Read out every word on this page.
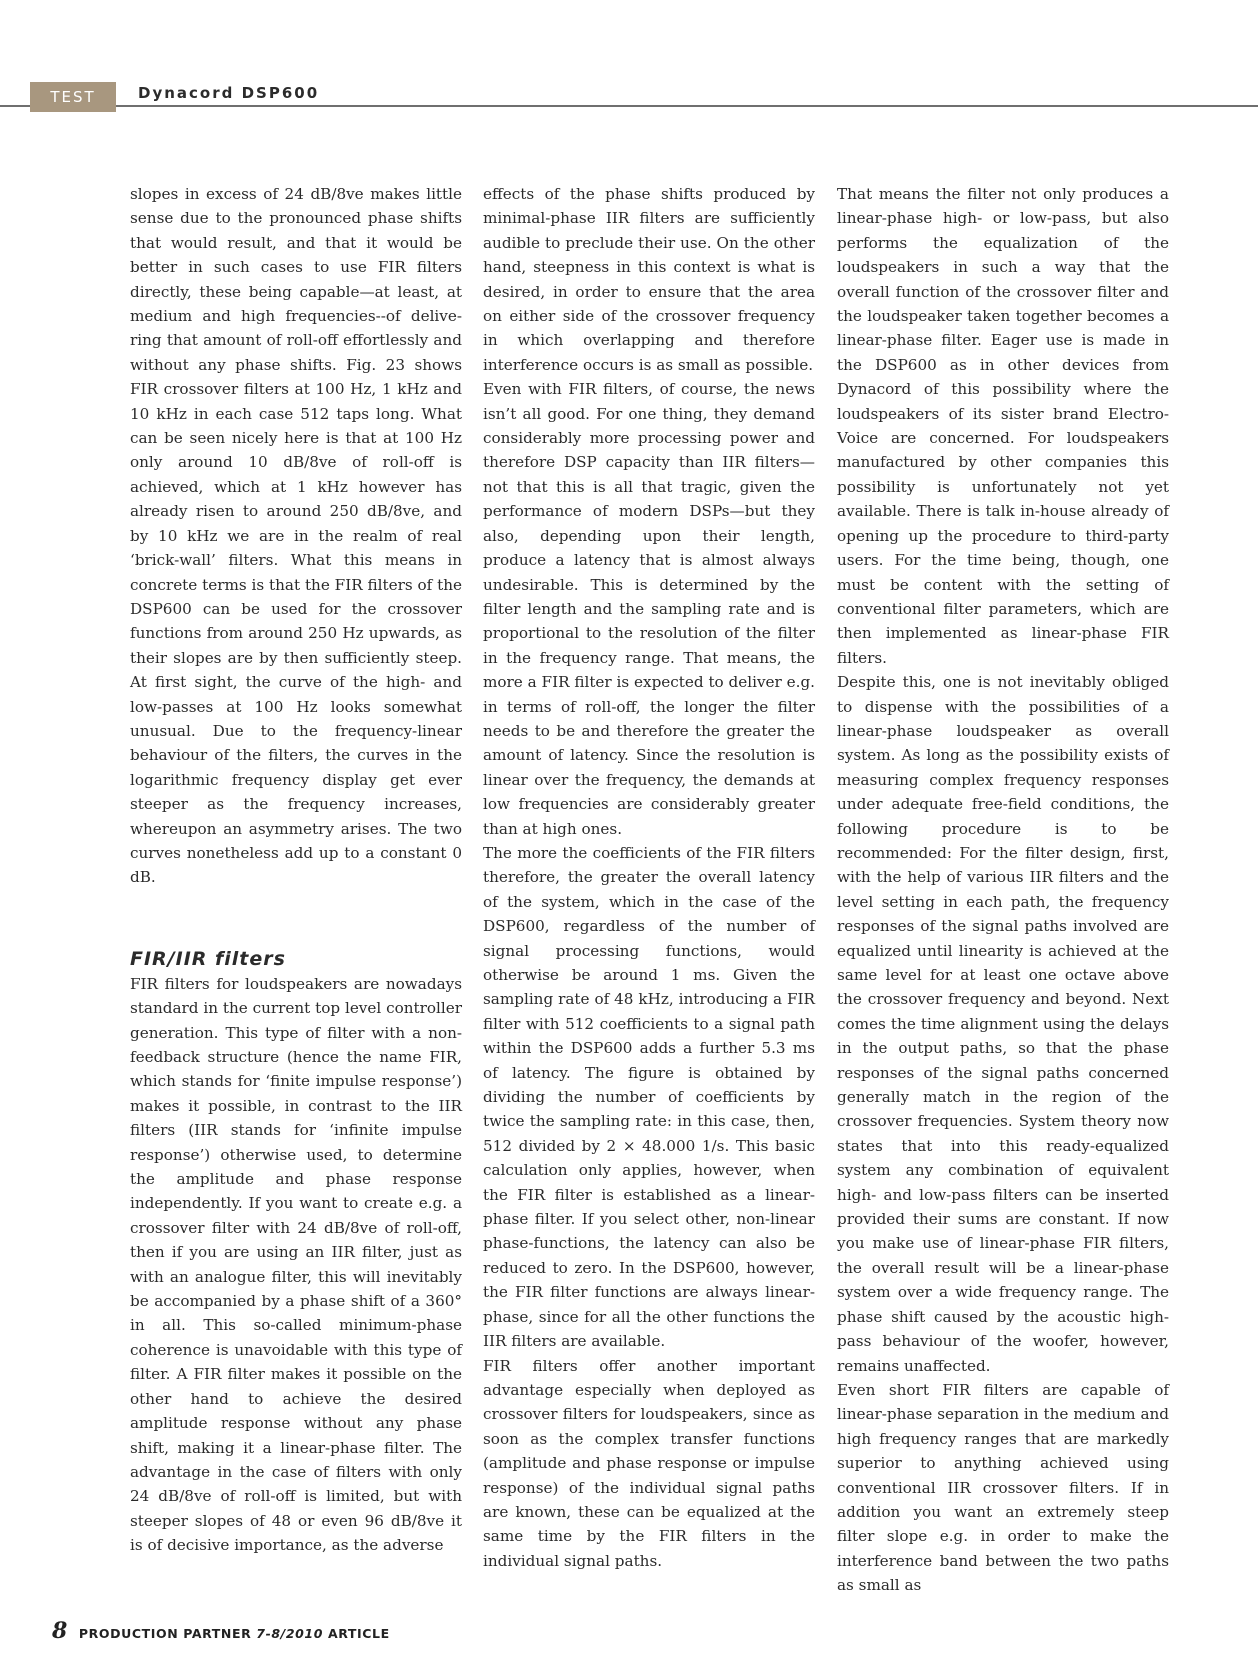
TEST	Dynacord DSP600

slopes in excess of 24 dB/8ve makes little sense due to the pronounced phase shifts that would result, and that it would be better in such cases to use FIR filters directly, these being capable—at least, at medium and high frequencies--of delivering that amount of roll-off effortlessly and without any phase shifts. Fig. 23 shows FIR crossover filters at 100 Hz, 1 kHz and 10 kHz in each case 512 taps long. What can be seen nicely here is that at 100 Hz only around 10 dB/8ve of roll-off is achieved, which at 1 kHz however has already risen to around 250 dB/8ve, and by 10 kHz we are in the realm of real ‘brick-wall’ filters. What this means in concrete terms is that the FIR filters of the DSP600 can be used for the crossover functions from around 250 Hz upwards, as their slopes are by then sufficiently steep. At first sight, the curve of the high- and low-passes at 100 Hz looks somewhat unusual. Due to the frequency-linear behaviour of the filters, the curves in the logarithmic frequency display get ever steeper as the frequency increases, whereupon an asymmetry arises. The two curves nonetheless add up to a constant 0 dB.

FIR/IIR filters

FIR filters for loudspeakers are nowadays standard in the current top level controller generation. This type of filter with a non-feedback structure (hence the name FIR, which stands for ‘finite impulse response’) makes it possible, in contrast to the IIR filters (IIR stands for ‘infinite impulse response’) otherwise used, to determine the amplitude and phase response independently. If you want to create e.g. a crossover filter with 24 dB/8ve of roll-off, then if you are using an IIR filter, just as with an analogue filter, this will inevitably be accompanied by a phase shift of a 360° in all. This so-called minimum-phase coherence is unavoidable with this type of filter. A FIR filter makes it possible on the other hand to achieve the desired amplitude response without any phase shift, making it a linear-phase filter. The advantage in the case of filters with only 24 dB/8ve of roll-off is limited, but with steeper slopes of 48 or even 96 dB/8ve it is of decisive importance, as the adverse

effects of the phase shifts produced by minimal-phase IIR filters are sufficiently audible to preclude their use. On the other hand, steepness in this context is what is desired, in order to ensure that the area on either side of the crossover frequency in which overlapping and therefore interference occurs is as small as possible.

Even with FIR filters, of course, the news isn’t all good. For one thing, they demand considerably more processing power and therefore DSP capacity than IIR filters—not that this is all that tragic, given the performance of modern DSPs—but they also, depending upon their length, produce a latency that is almost always undesirable. This is determined by the filter length and the sampling rate and is proportional to the resolution of the filter in the frequency range. That means, the more a FIR filter is expected to deliver e.g. in terms of roll-off, the longer the filter needs to be and therefore the greater the amount of latency. Since the resolution is linear over the frequency, the demands at low frequencies are considerably greater than at high ones.

The more the coefficients of the FIR filters therefore, the greater the overall latency of the system, which in the case of the DSP600, regardless of the number of signal processing functions, would otherwise be around 1 ms. Given the sampling rate of 48 kHz, introducing a FIR filter with 512 coefficients to a signal path within the DSP600 adds a further 5.3 ms of latency. The figure is obtained by dividing the number of coefficients by twice the sampling rate: in this case, then, 512 divided by 2 × 48.000 1/s. This basic calculation only applies, however, when the FIR filter is established as a linear-phase filter. If you select other, non-linear phase-functions, the latency can also be reduced to zero. In the DSP600, however, the FIR filter functions are always linear-phase, since for all the other functions the IIR filters are available.

FIR filters offer another important advantage especially when deployed as crossover filters for loudspeakers, since as soon as the complex transfer functions (amplitude and phase response or impulse response) of the individual signal paths are known, these can be equalized at the same time by the FIR filters in the individual signal paths.

That means the filter not only produces a linear-phase high- or low-pass, but also performs the equalization of the loudspeakers in such a way that the overall function of the crossover filter and the loudspeaker taken together becomes a linear-phase filter. Eager use is made in the DSP600 as in other devices from Dynacord of this possibility where the loudspeakers of its sister brand Electro-Voice are concerned. For loudspeakers manufactured by other companies this possibility is unfortunately not yet available. There is talk in-house already of opening up the procedure to third-party users. For the time being, though, one must be content with the setting of conventional filter parameters, which are then implemented as linear-phase FIR filters.

Despite this, one is not inevitably obliged to dispense with the possibilities of a linear-phase loudspeaker as overall system. As long as the possibility exists of measuring complex frequency responses under adequate free-field conditions, the following procedure is to be recommended: For the filter design, first, with the help of various IIR filters and the level setting in each path, the frequency responses of the signal paths involved are equalized until linearity is achieved at the same level for at least one octave above the crossover frequency and beyond. Next comes the time alignment using the delays in the output paths, so that the phase responses of the signal paths concerned generally match in the region of the crossover frequencies. System theory now states that into this ready-equalized system any combination of equivalent high- and low-pass filters can be inserted provided their sums are constant. If now you make use of linear-phase FIR filters, the overall result will be a linear-phase system over a wide frequency range. The phase shift caused by the acoustic high-pass behaviour of the woofer, however, remains unaffected.

Even short FIR filters are capable of linear-phase separation in the medium and high frequency ranges that are markedly superior to anything achieved using conventional IIR crossover filters. If in addition you want an extremely steep filter slope e.g. in order to make the interference band between the two paths as small as

8 PRODUCTION PARTNER 7-8/2010 ARTICLE
